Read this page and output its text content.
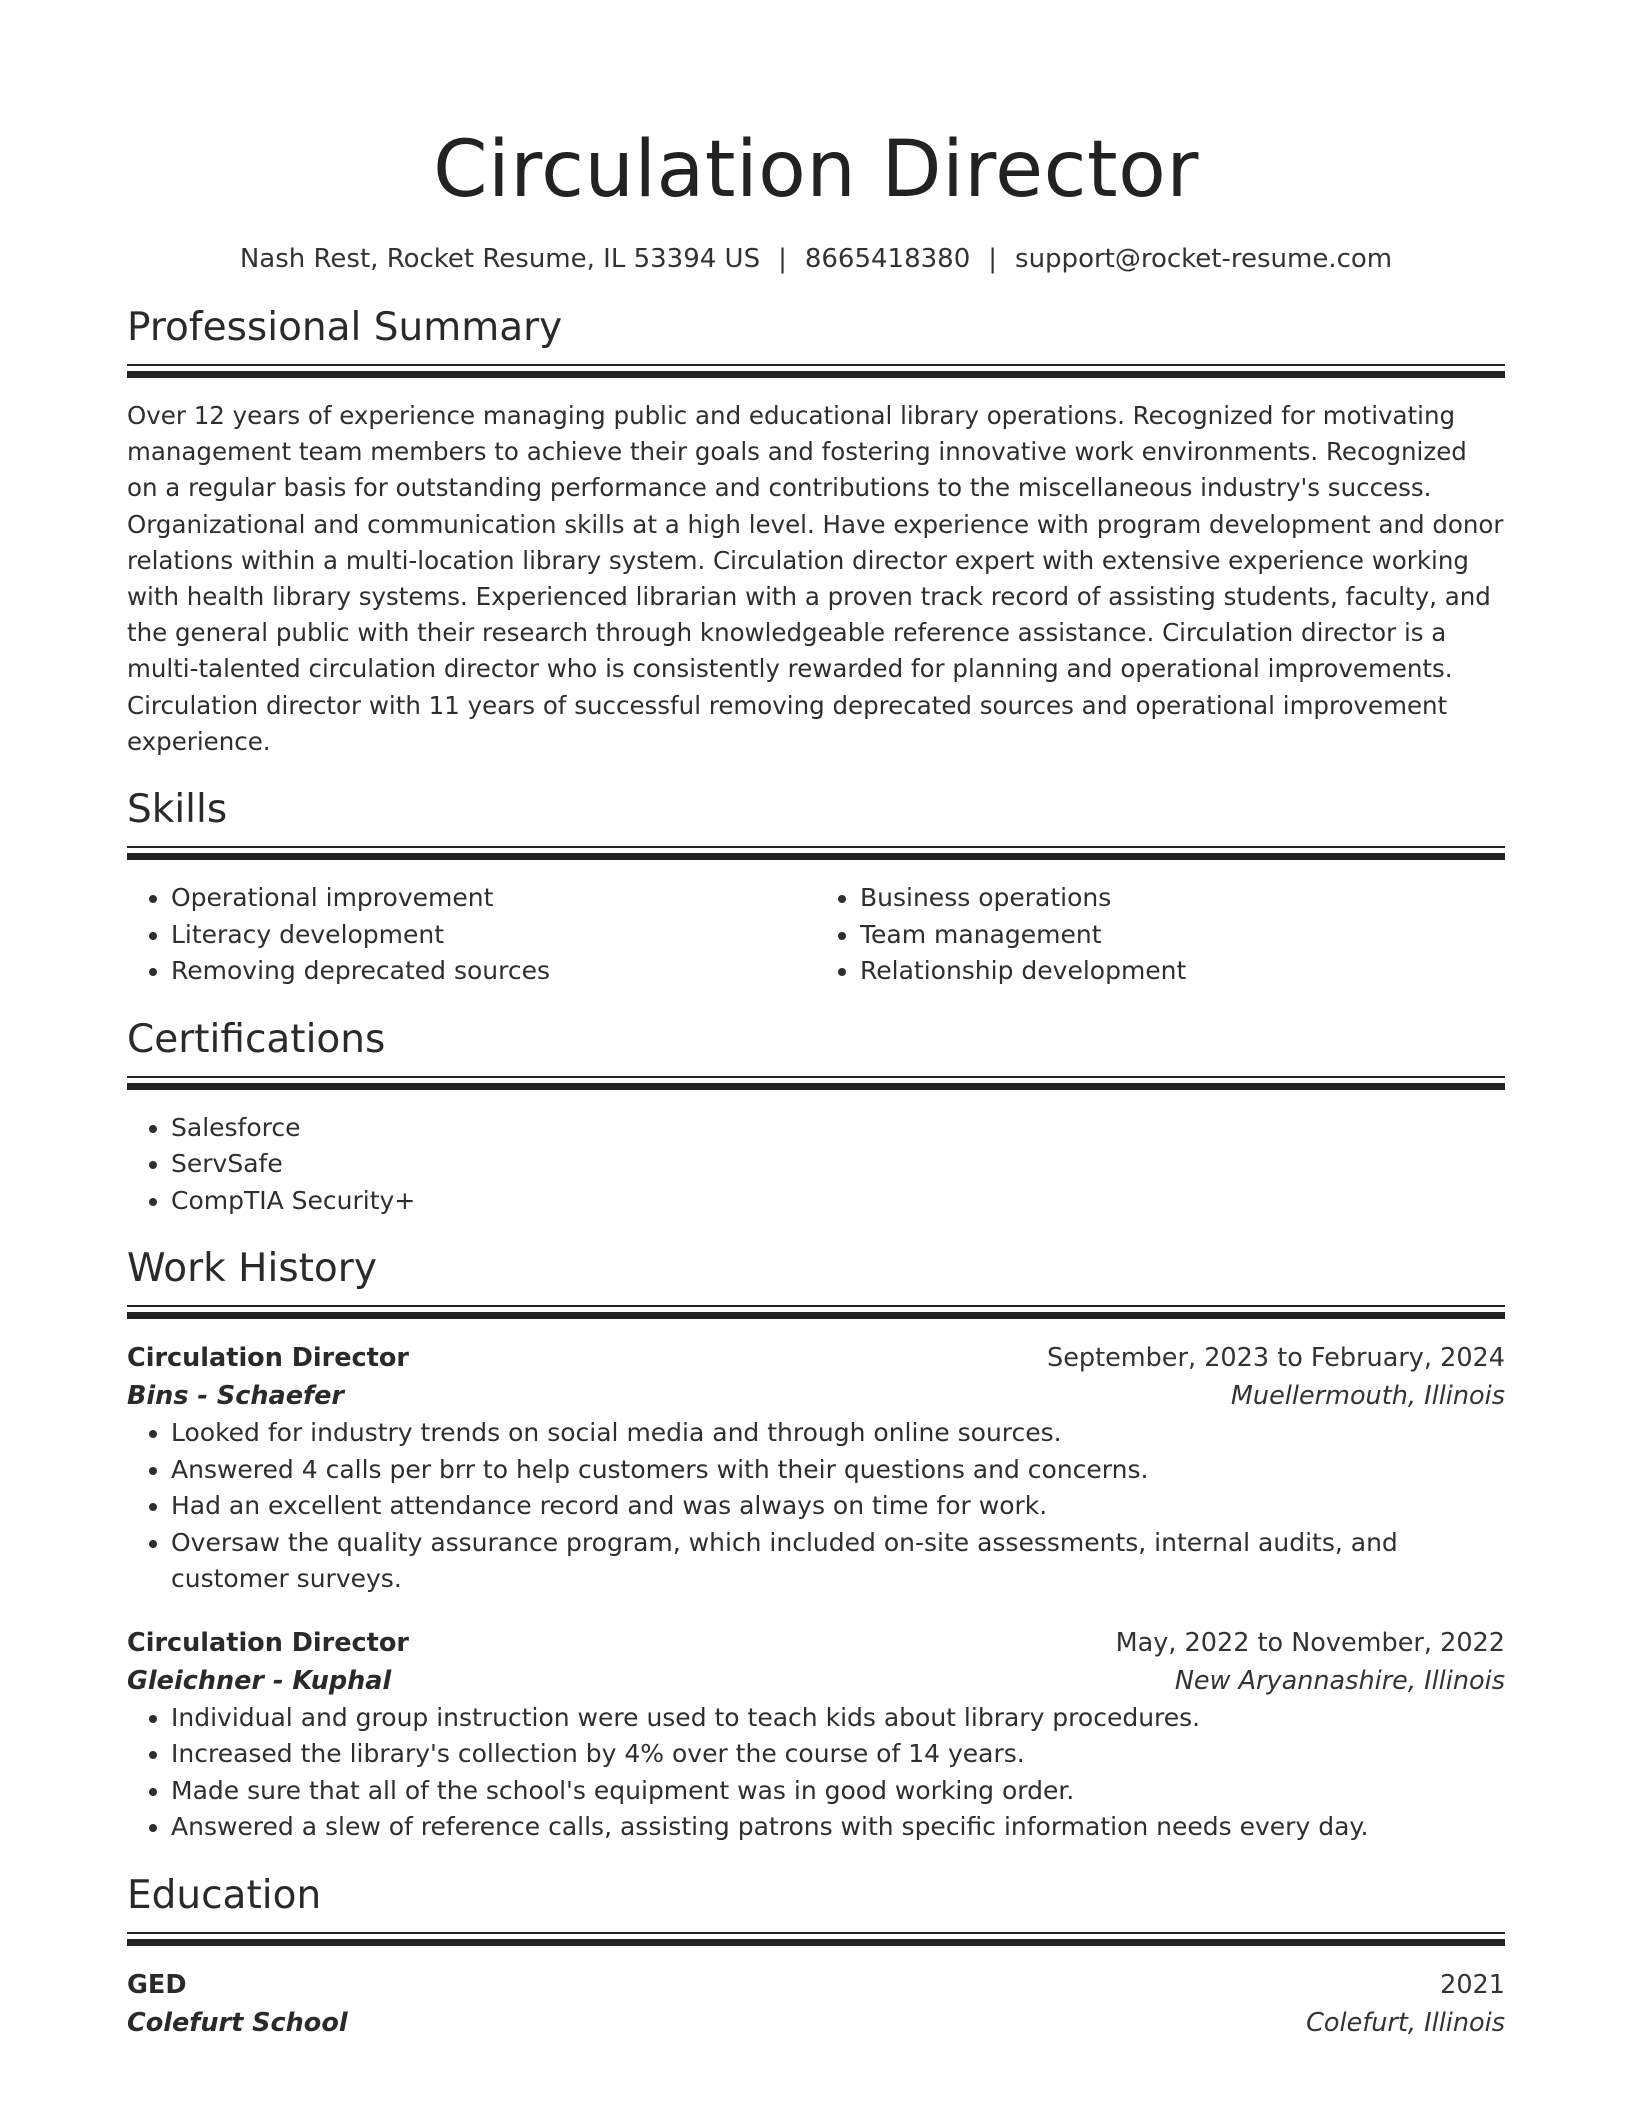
Circulation Director
Nash Rest, Rocket Resume, IL 53394 US | 8665418380 | support@rocket-resume.com
Professional Summary

Over 12 years of experience managing public and educational library operations. Recognized for motivating management team members to achieve their goals and fostering innovative work environments. Recognized on a regular basis for outstanding performance and contributions to the miscellaneous industry's success. Organizational and communication skills at a high level. Have experience with program development and donor relations within a multi-location library system. Circulation director expert with extensive experience working with health library systems. Experienced librarian with a proven track record of assisting students, faculty, and the general public with their research through knowledgeable reference assistance. Circulation director is a multi-talented circulation director who is consistently rewarded for planning and operational improvements. Circulation director with 11 years of successful removing deprecated sources and operational improvement experience.

Skills
• Operational improvement
• Literacy development
• Removing deprecated sources
• Business operations
• Team management
• Relationship development
Certifications
• Salesforce
• ServSafe
• CompTIA Security+
Work History
Circulation Director	September, 2023 to February, 2024
Bins - Schaefer	Muellermouth, Illinois
• Looked for industry trends on social media and through online sources.
• Answered 4 calls per brr to help customers with their questions and concerns.
• Had an excellent attendance record and was always on time for work.
• Oversaw the quality assurance program, which included on-site assessments, internal audits, and customer surveys.
Circulation Director	May, 2022 to November, 2022
Gleichner - Kuphal	New Aryannashire, Illinois
• Individual and group instruction were used to teach kids about library procedures.
• Increased the library's collection by 4% over the course of 14 years.
• Made sure that all of the school's equipment was in good working order.
• Answered a slew of reference calls, assisting patrons with specific information needs every day.
Education
GED	2021
Colefurt School	Colefurt, Illinois
